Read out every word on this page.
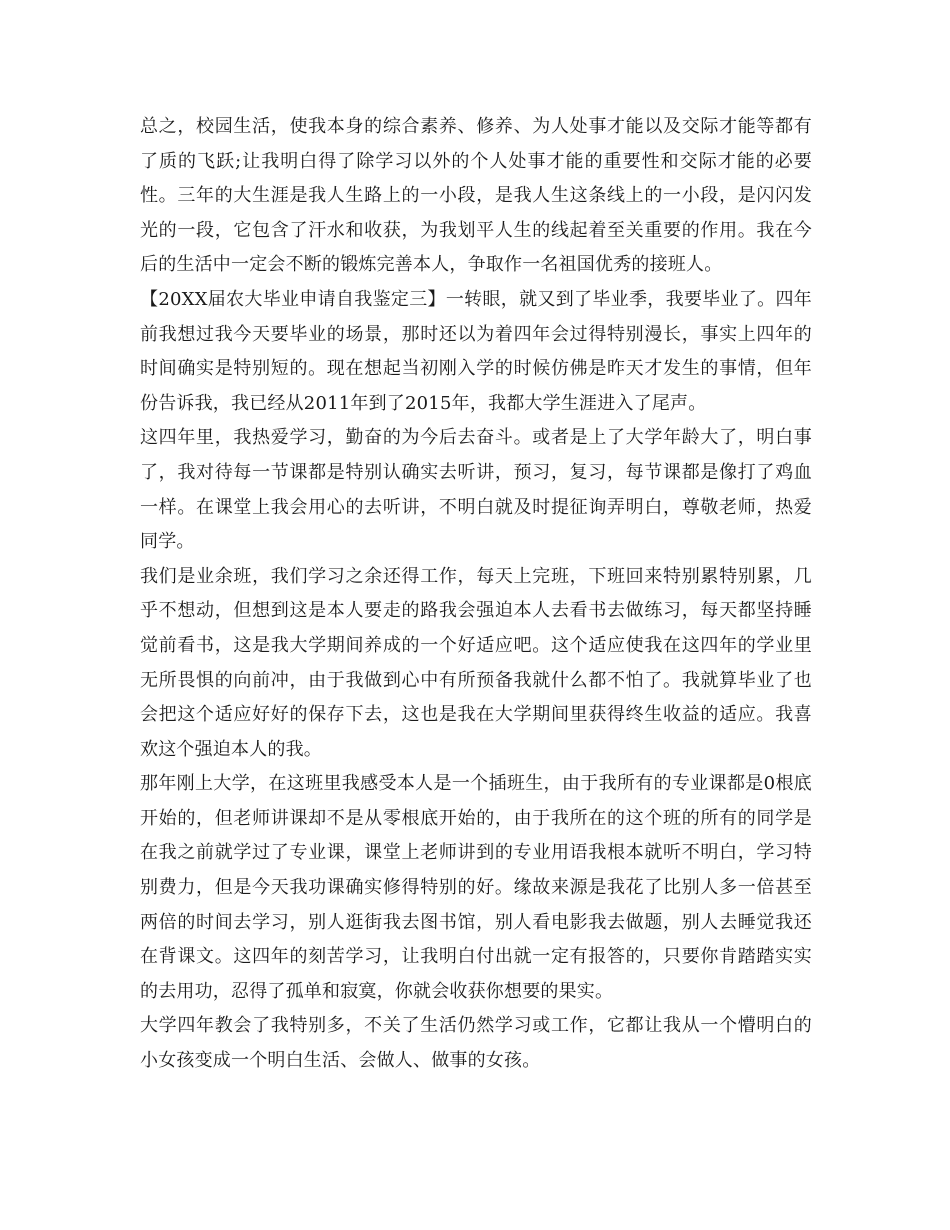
总之，校园生活，使我本身的综合素养、修养、为人处事才能以及交际才能等都有了质的飞跃;让我明白得了除学习以外的个人处事才能的重要性和交际才能的必要性。三年的大生涯是我人生路上的一小段，是我人生这条线上的一小段，是闪闪发光的一段，它包含了汗水和收获，为我划平人生的线起着至关重要的作用。我在今后的生活中一定会不断的锻炼完善本人，争取作一名祖国优秀的接班人。

【20XX届农大毕业申请自我鉴定三】一转眼，就又到了毕业季，我要毕业了。四年前我想过我今天要毕业的场景，那时还以为着四年会过得特别漫长，事实上四年的时间确实是特别短的。现在想起当初刚入学的时候仿佛是昨天才发生的事情，但年份告诉我，我已经从2011年到了2015年，我都大学生涯进入了尾声。

这四年里，我热爱学习，勤奋的为今后去奋斗。或者是上了大学年龄大了，明白事了，我对待每一节课都是特别认确实去听讲，预习，复习，每节课都是像打了鸡血一样。在课堂上我会用心的去听讲，不明白就及时提征询弄明白，尊敬老师，热爱同学。

我们是业余班，我们学习之余还得工作，每天上完班，下班回来特别累特别累，几乎不想动，但想到这是本人要走的路我会强迫本人去看书去做练习，每天都坚持睡觉前看书，这是我大学期间养成的一个好适应吧。这个适应使我在这四年的学业里无所畏惧的向前冲，由于我做到心中有所预备我就什么都不怕了。我就算毕业了也会把这个适应好好的保存下去，这也是我在大学期间里获得终生收益的适应。我喜欢这个强迫本人的我。

那年刚上大学，在这班里我感受本人是一个插班生，由于我所有的专业课都是0根底开始的，但老师讲课却不是从零根底开始的，由于我所在的这个班的所有的同学是在我之前就学过了专业课，课堂上老师讲到的专业用语我根本就听不明白，学习特别费力，但是今天我功课确实修得特别的好。缘故来源是我花了比别人多一倍甚至两倍的时间去学习，别人逛街我去图书馆，别人看电影我去做题，别人去睡觉我还在背课文。这四年的刻苦学习，让我明白付出就一定有报答的，只要你肯踏踏实实的去用功，忍得了孤单和寂寞，你就会收获你想要的果实。

大学四年教会了我特别多，不关了生活仍然学习或工作，它都让我从一个懵明白的小女孩变成一个明白生活、会做人、做事的女孩。
